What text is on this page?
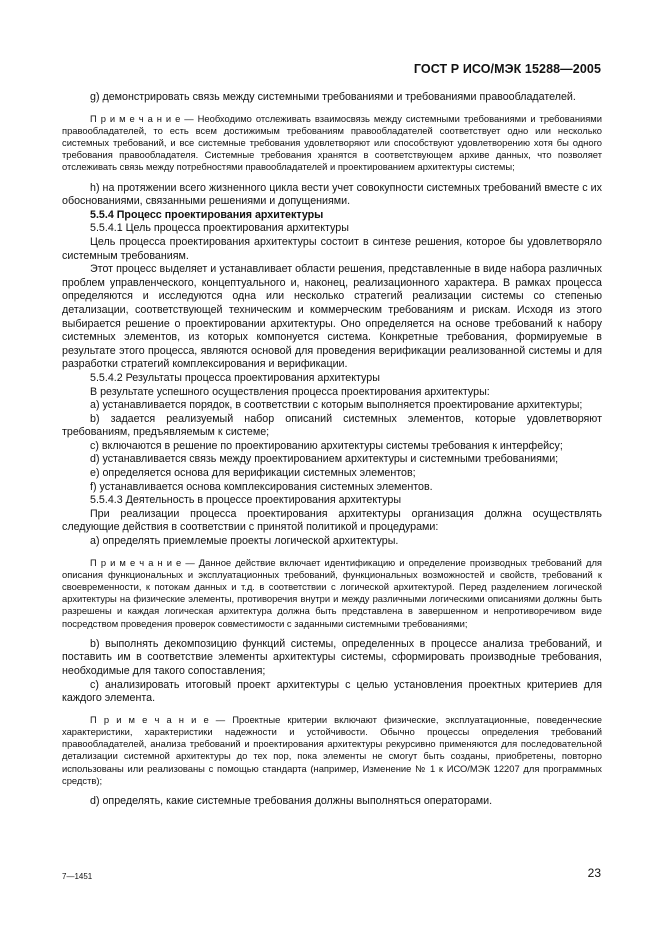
ГОСТ Р ИСО/МЭК 15288—2005

g) демонстрировать связь между системными требованиями и требованиями правообладателей.

П р и м е ч а н и е — Необходимо отслеживать взаимосвязь между системными требованиями и требованиями правообладателей, то есть всем достижимым требованиям правообладателей соответствует одно или несколько системных требований, и все системные требования удовлетворяют или способствуют удовлетворению хотя бы одного требования правообладателя. Системные требования хранятся в соответствующем архиве данных, что позволяет отслеживать связь между потребностями правообладателей и проектированием архитектуры системы;

h) на протяжении всего жизненного цикла вести учет совокупности системных требований вместе с их обоснованиями, связанными решениями и допущениями.

5.5.4 Процесс проектирования архитектуры

5.5.4.1 Цель процесса проектирования архитектуры

Цель процесса проектирования архитектуры состоит в синтезе решения, которое бы удовлетворяло системным требованиям.

Этот процесс выделяет и устанавливает области решения, представленные в виде набора различных проблем управленческого, концептуального и, наконец, реализационного характера. В рамках процесса определяются и исследуются одна или несколько стратегий реализации системы со степенью детализации, соответствующей техническим и коммерческим требованиям и рискам. Исходя из этого выбирается решение о проектировании архитектуры. Оно определяется на основе требований к набору системных элементов, из которых компонуется система. Конкретные требования, формируемые в результате этого процесса, являются основой для проведения верификации реализованной системы и для разработки стратегий комплексирования и верификации.

5.5.4.2 Результаты процесса проектирования архитектуры

В результате успешного осуществления процесса проектирования архитектуры:

а) устанавливается порядок, в соответствии с которым выполняется проектирование архитектуры;

b) задается реализуемый набор описаний системных элементов, которые удовлетворяют требованиям, предъявляемым к системе;

c) включаются в решение по проектированию архитектуры системы требования к интерфейсу;

d) устанавливается связь между проектированием архитектуры и системными требованиями;

e) определяется основа для верификации системных элементов;

f) устанавливается основа комплексирования системных элементов.

5.5.4.3 Деятельность в процессе проектирования архитектуры

При реализации процесса проектирования архитектуры организация должна осуществлять следующие действия в соответствии с принятой политикой и процедурами:

а) определять приемлемые проекты логической архитектуры.

П р и м е ч а н и е — Данное действие включает идентификацию и определение производных требований для описания функциональных и эксплуатационных требований, функциональных возможностей и свойств, требований к своевременности, к потокам данных и т.д. в соответствии с логической архитектурой. Перед разделением логической архитектуры на физические элементы, противоречия внутри и между различными логическими описаниями должны быть разрешены и каждая логическая архитектура должна быть представлена в завершенном и непротиворечивом виде посредством проведения проверок совместимости с заданными системными требованиями;

b) выполнять декомпозицию функций системы, определенных в процессе анализа требований, и поставить им в соответствие элементы архитектуры системы, сформировать производные требования, необходимые для такого сопоставления;

c) анализировать итоговый проект архитектуры с целью установления проектных критериев для каждого элемента.

П р и м е ч а н и е — Проектные критерии включают физические, эксплуатационные, поведенческие характеристики, характеристики надежности и устойчивости. Обычно процессы определения требований правообладателей, анализа требований и проектирования архитектуры рекурсивно применяются для последовательной детализации системной архитектуры до тех пор, пока элементы не смогут быть созданы, приобретены, повторно использованы или реализованы с помощью стандарта (например, Изменение № 1 к ИСО/МЭК 12207 для программных средств);

d) определять, какие системные требования должны выполняться операторами.

7—1451	23
